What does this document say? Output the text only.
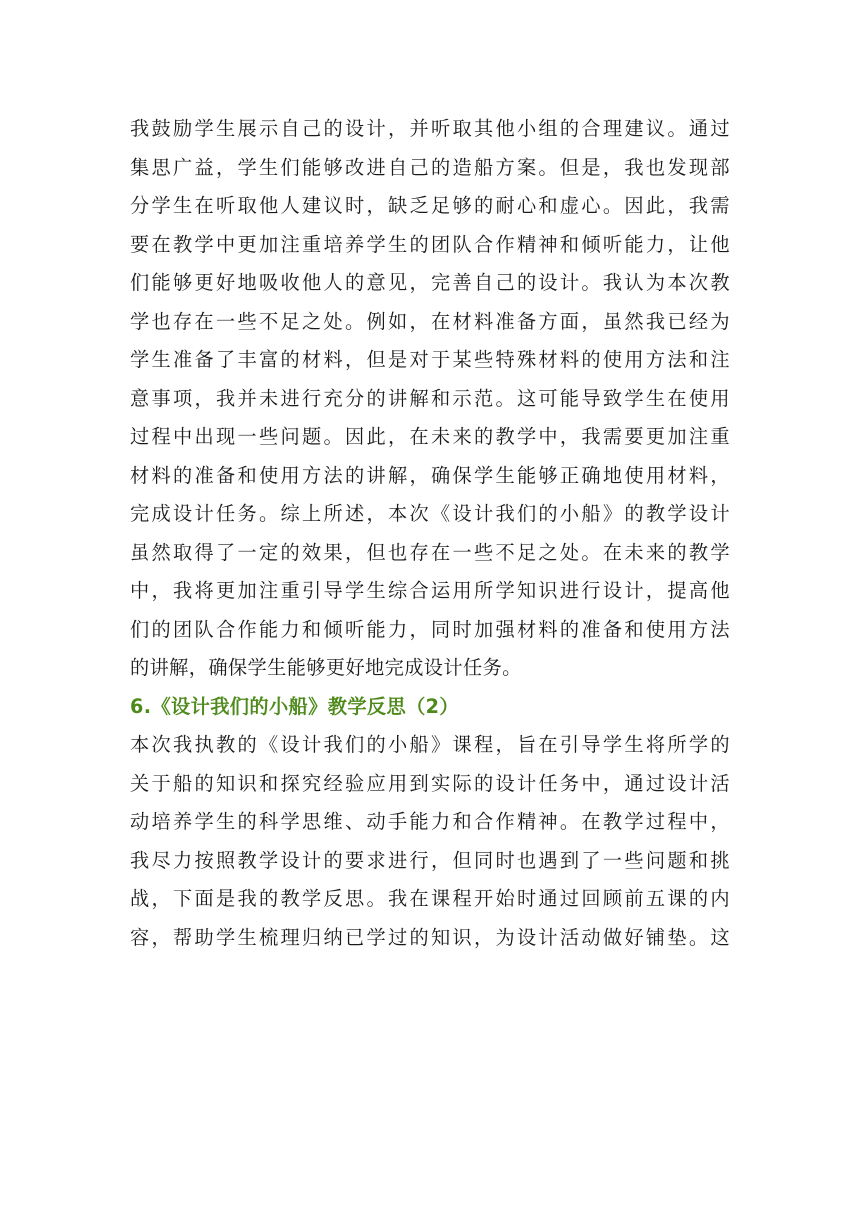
我鼓励学生展示自己的设计，并听取其他小组的合理建议。通过
集思广益，学生们能够改进自己的造船方案。但是，我也发现部
分学生在听取他人建议时，缺乏足够的耐心和虚心。因此，我需
要在教学中更加注重培养学生的团队合作精神和倾听能力，让他
们能够更好地吸收他人的意见，完善自己的设计。我认为本次教
学也存在一些不足之处。例如，在材料准备方面，虽然我已经为
学生准备了丰富的材料，但是对于某些特殊材料的使用方法和注
意事项，我并未进行充分的讲解和示范。这可能导致学生在使用
过程中出现一些问题。因此，在未来的教学中，我需要更加注重
材料的准备和使用方法的讲解，确保学生能够正确地使用材料，
完成设计任务。综上所述，本次《设计我们的小船》的教学设计
虽然取得了一定的效果，但也存在一些不足之处。在未来的教学
中，我将更加注重引导学生综合运用所学知识进行设计，提高他
们的团队合作能力和倾听能力，同时加强材料的准备和使用方法
的讲解，确保学生能够更好地完成设计任务。
6.《设计我们的小船》教学反思（2）
本次我执教的《设计我们的小船》课程，旨在引导学生将所学的
关于船的知识和探究经验应用到实际的设计任务中，通过设计活
动培养学生的科学思维、动手能力和合作精神。在教学过程中，
我尽力按照教学设计的要求进行，但同时也遇到了一些问题和挑
战，下面是我的教学反思。我在课程开始时通过回顾前五课的内
容，帮助学生梳理归纳已学过的知识，为设计活动做好铺垫。这
